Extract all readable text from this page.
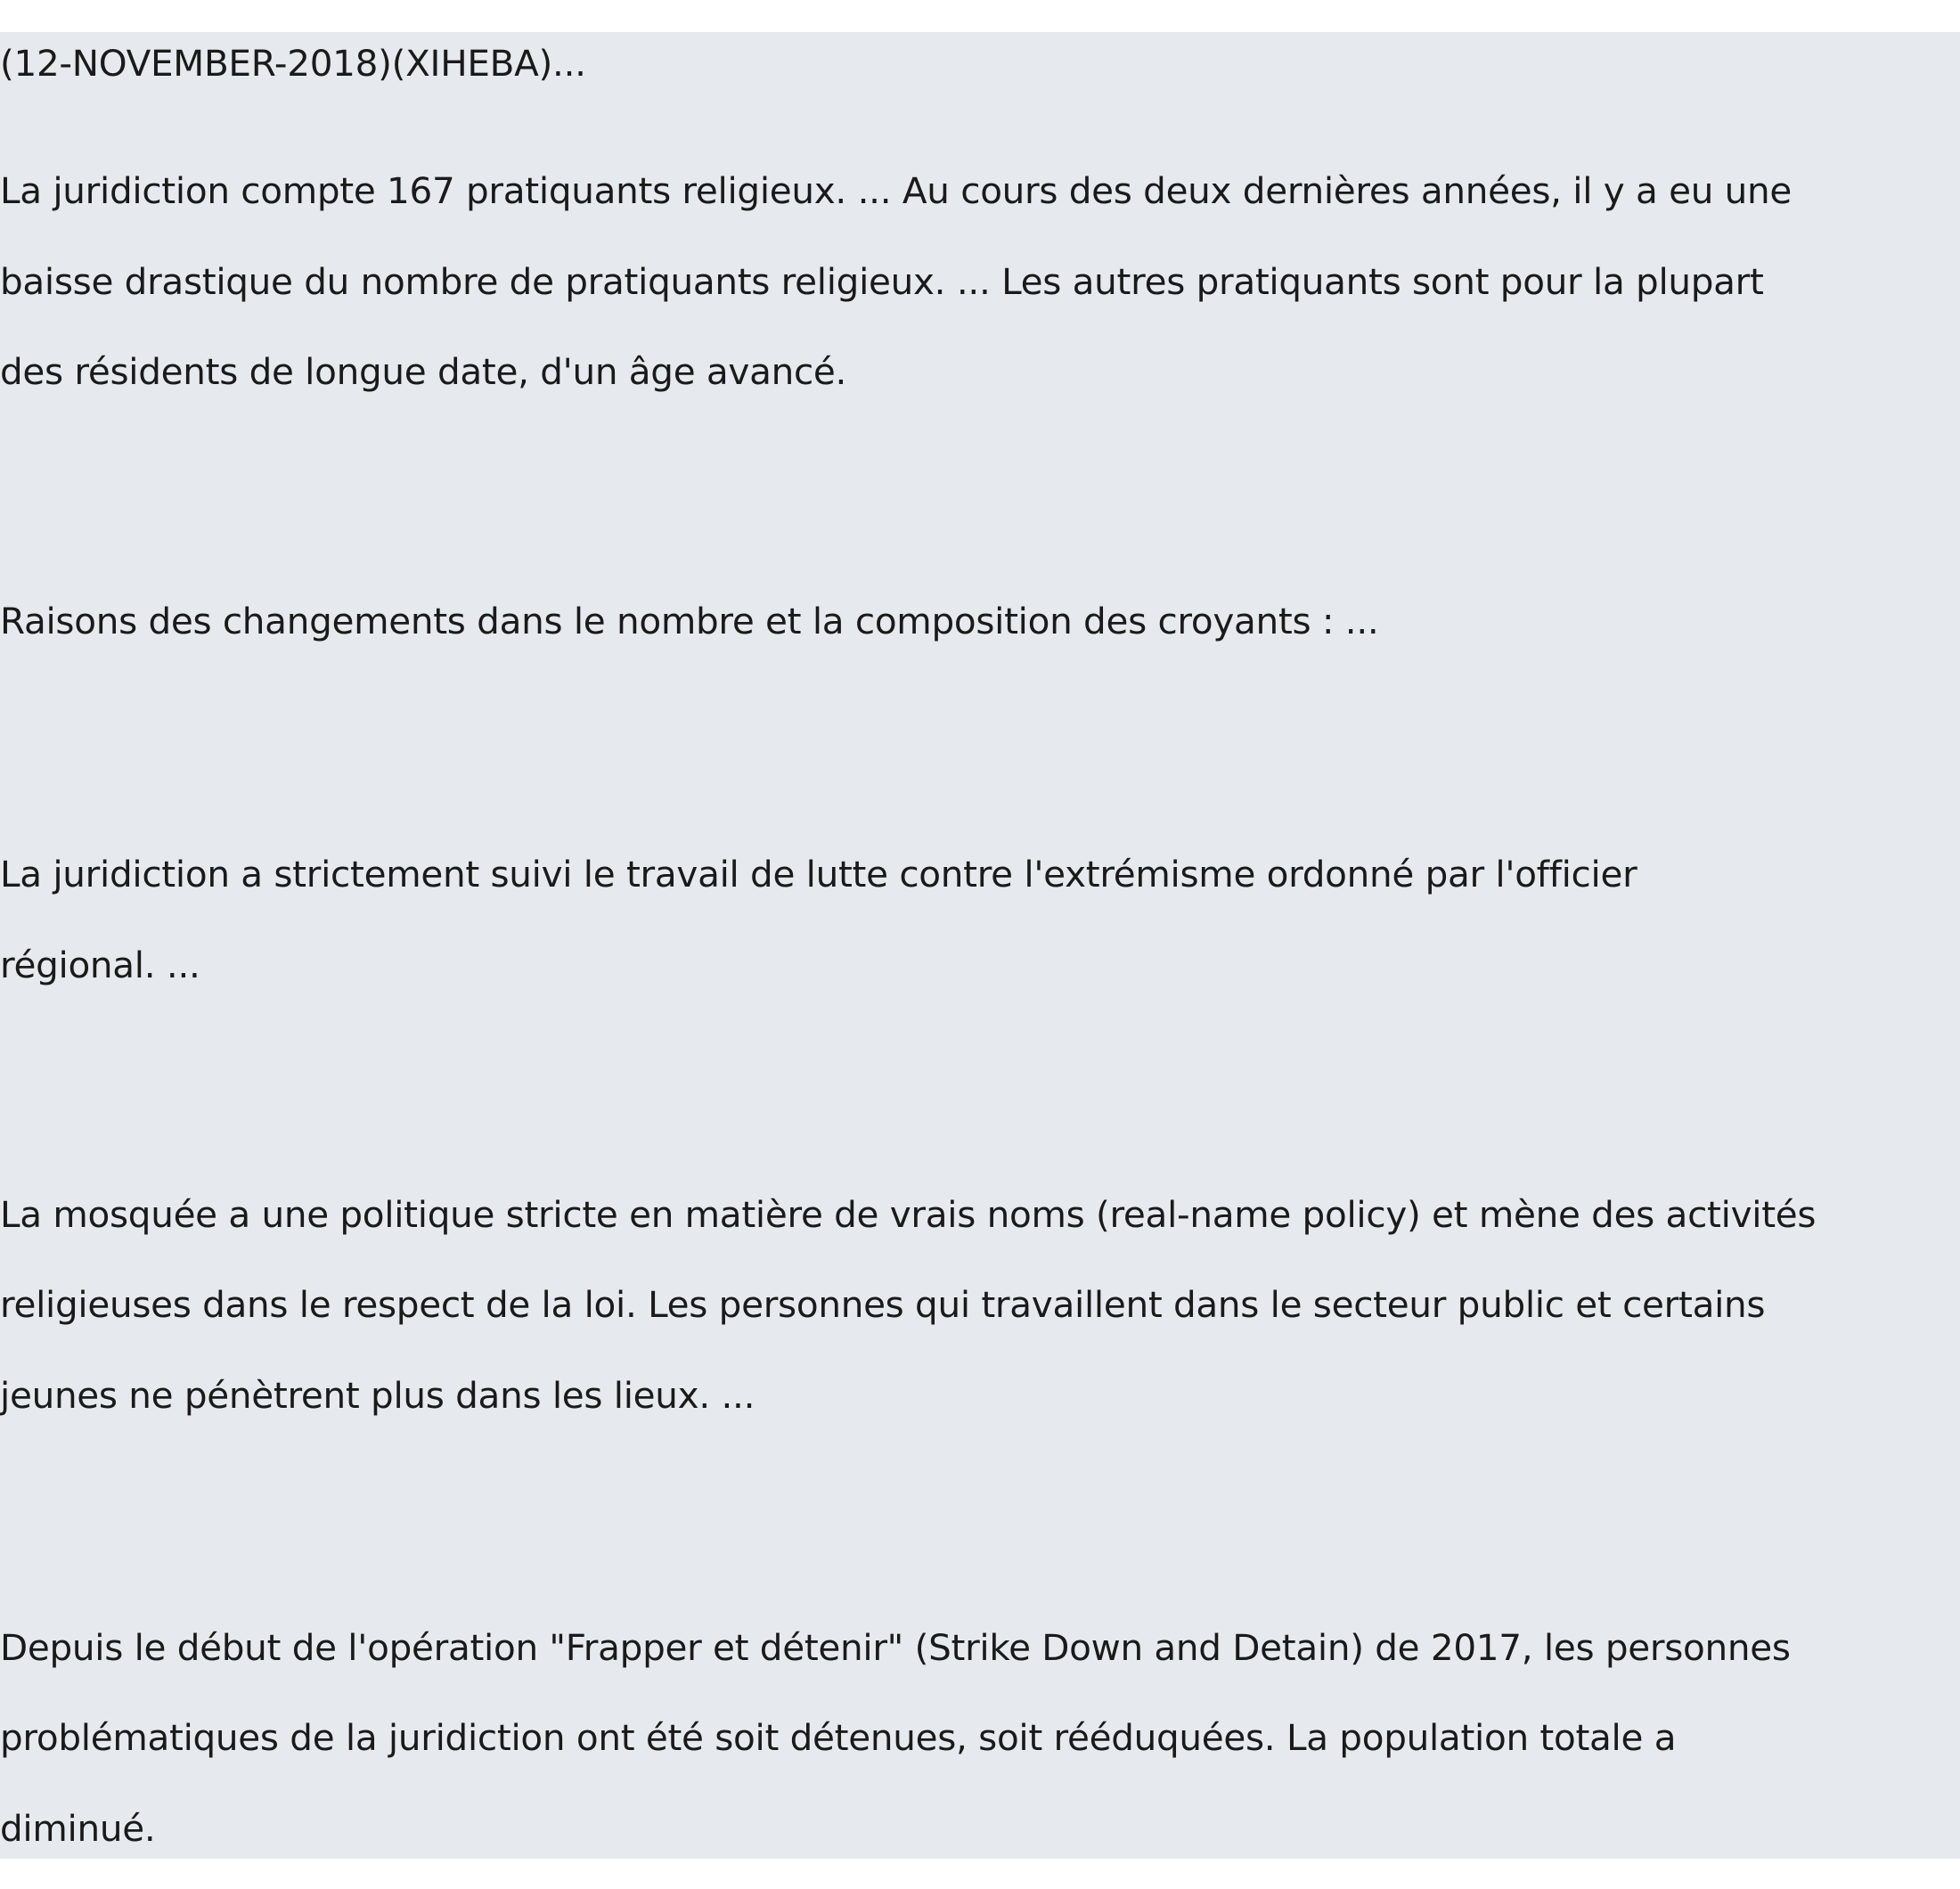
(12-NOVEMBER-2018)(XIHEBA)...

La juridiction compte 167 pratiquants religieux. ... Au cours des deux dernières années, il y a eu une

baisse drastique du nombre de pratiquants religieux. ... Les autres pratiquants sont pour la plupart

des résidents de longue date, d'un âge avancé.

Raisons des changements dans le nombre et la composition des croyants : ...

La juridiction a strictement suivi le travail de lutte contre l'extrémisme ordonné par l'officier

régional. ...

La mosquée a une politique stricte en matière de vrais noms (real-name policy) et mène des activités

religieuses dans le respect de la loi. Les personnes qui travaillent dans le secteur public et certains

jeunes ne pénètrent plus dans les lieux. ...

Depuis le début de l'opération "Frapper et détenir" (Strike Down and Detain) de 2017, les personnes

problématiques de la juridiction ont été soit détenues, soit rééduquées. La population totale a

diminué.
